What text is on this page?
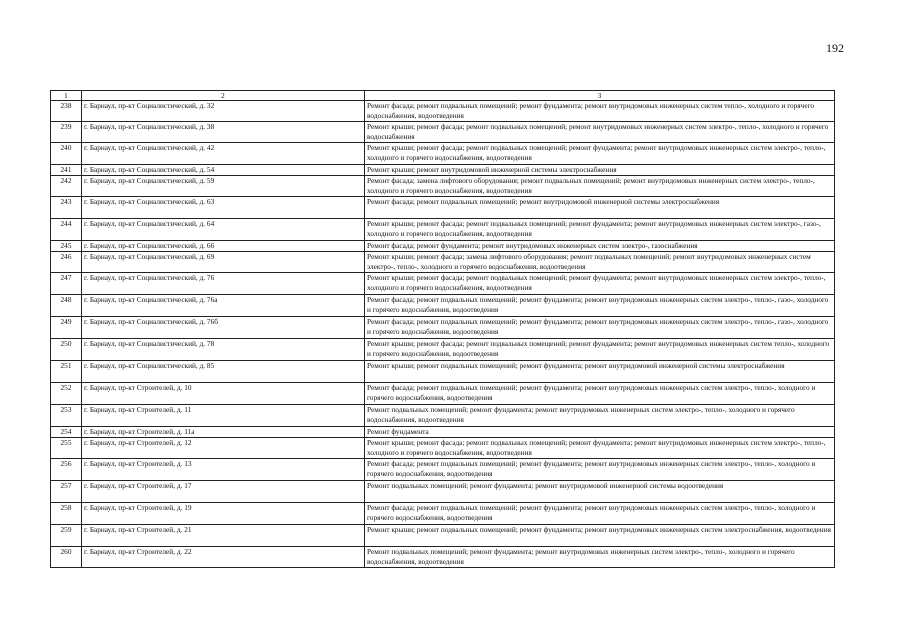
192
1	2	3
238	г. Барнаул, пр-кт Социалистический, д. 32	Ремонт фасада; ремонт подвальных помещений; ремонт фундамента; ремонт внутридомовых инженерных систем тепло-, холодного и горячего водоснабжения, водоотведения
239	г. Барнаул, пр-кт Социалистический, д. 38	Ремонт крыши; ремонт фасада; ремонт подвальных помещений; ремонт внутридомовых инженерных систем электро-, тепло-, холодного и горячего водоснабжения
240	г. Барнаул, пр-кт Социалистический, д. 42	Ремонт крыши; ремонт фасада; ремонт подвальных помещений; ремонт фундамента; ремонт внутридомовых инженерных систем электро-, тепло-, холодного и горячего водоснабжения, водоотведения
241	г. Барнаул, пр-кт Социалистический, д. 54	Ремонт крыши; ремонт внутридомовой инженерной системы электроснабжения
242	г. Барнаул, пр-кт Социалистический, д. 59	Ремонт фасада; замена лифтового оборудования; ремонт подвальных помещений; ремонт внутридомовых инженерных систем электро-, тепло-, холодного и горячего водоснабжения, водоотведения
243	г. Барнаул, пр-кт Социалистический, д. 63	Ремонт фасада; ремонт подвальных помещений; ремонт внутридомовой инженерной системы электроснабжения
244	г. Барнаул, пр-кт Социалистический, д. 64	Ремонт крыши; ремонт фасада; ремонт подвальных помещений; ремонт фундамента; ремонт внутридомовых инженерных систем электро-, газо-, холодного и горячего водоснабжения, водоотведения
245	г. Барнаул, пр-кт Социалистический, д. 66	Ремонт фасада; ремонт фундамента; ремонт внутридомовых инженерных систем электро-, газоснабжения
246	г. Барнаул, пр-кт Социалистический, д. 69	Ремонт крыши; ремонт фасада; замена лифтового оборудования; ремонт подвальных помещений; ремонт внутридомовых инженерных систем электро-, тепло-, холодного и горячего водоснабжения, водоотведения
247	г. Барнаул, пр-кт Социалистический, д. 76	Ремонт крыши; ремонт фасада; ремонт подвальных помещений; ремонт фундамента; ремонт внутридомовых инженерных систем электро-, тепло-, холодного и горячего водоснабжения, водоотведения
248	г. Барнаул, пр-кт Социалистический, д. 76а	Ремонт фасада; ремонт подвальных помещений; ремонт фундамента; ремонт внутридомовых инженерных систем электро-, тепло-, газо-, холодного и горячего водоснабжения, водоотведения
249	г. Барнаул, пр-кт Социалистический, д. 76б	Ремонт фасада; ремонт подвальных помещений; ремонт фундамента; ремонт внутридомовых инженерных систем электро-, тепло-, газо-, холодного и горячего водоснабжения, водоотведения
250	г. Барнаул, пр-кт Социалистический, д. 78	Ремонт крыши; ремонт фасада; ремонт подвальных помещений; ремонт фундамента; ремонт внутридомовых инженерных систем тепло-, холодного и горячего водоснабжения, водоотведения
251	г. Барнаул, пр-кт Социалистический, д. 85	Ремонт крыши; ремонт подвальных помещений; ремонт фундамента; ремонт внутридомовой инженерной системы электроснабжения
252	г. Барнаул, пр-кт Строителей, д. 10	Ремонт фасада; ремонт подвальных помещений; ремонт фундамента; ремонт внутридомовых инженерных систем электро-, тепло-, холодного и горячего водоснабжения, водоотведения
253	г. Барнаул, пр-кт Строителей, д. 11	Ремонт подвальных помещений; ремонт фундамента; ремонт внутридомовых инженерных систем электро-, тепло-, холодного и горячего водоснабжения, водоотведения
254	г. Барнаул, пр-кт Строителей, д. 11а	Ремонт фундамента
255	г. Барнаул, пр-кт Строителей, д. 12	Ремонт крыши; ремонт фасада; ремонт подвальных помещений; ремонт фундамента; ремонт внутридомовых инженерных систем электро-, тепло-, холодного и горячего водоснабжения, водоотведения
256	г. Барнаул, пр-кт Строителей, д. 13	Ремонт фасада; ремонт подвальных помещений; ремонт фундамента; ремонт внутридомовых инженерных систем электро-, тепло-, холодного и горячего водоснабжения, водоотведения
257	г. Барнаул, пр-кт Строителей, д. 17	Ремонт подвальных помещений; ремонт фундамента; ремонт внутридомовой инженерной системы водоотведения
258	г. Барнаул, пр-кт Строителей, д. 19	Ремонт фасада; ремонт подвальных помещений; ремонт фундамента; ремонт внутридомовых инженерных систем электро-, тепло-, холодного и горячего водоснабжения, водоотведения
259	г. Барнаул, пр-кт Строителей, д. 21	Ремонт крыши; ремонт подвальных помещений; ремонт фундамента; ремонт внутридомовых инженерных систем электроснабжения, водоотведения
260	г. Барнаул, пр-кт Строителей, д. 22	Ремонт подвальных помещений; ремонт фундамента; ремонт внутридомовых инженерных систем электро-, тепло-, холодного и горячего водоснабжения, водоотведения
